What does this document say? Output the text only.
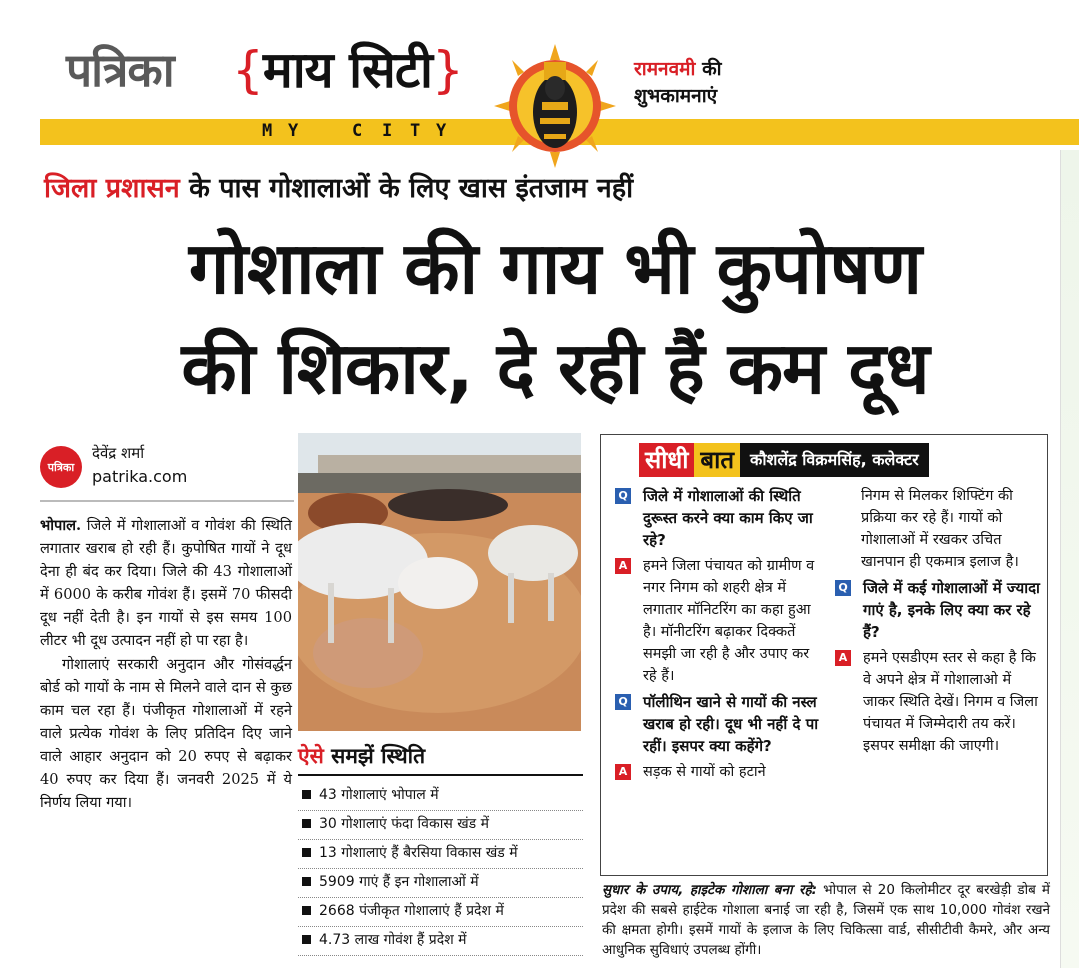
पत्रिका {माय सिटी}
M Y	C I T Y
रामनवमी की
शुभकामनाएं
जिला प्रशासन के पास गोशालाओं के लिए खास इंतजाम नहीं
गोशाला की गाय भी कुपोषण
की शिकार, दे रही हैं कम दूध
पत्रिका
देवेंद्र शर्मा
patrika.com

भोपाल. जिले में गोशालाओं व गोवंश की स्थिति लगातार खराब हो रही हैं। कुपोषित गायों ने दूध देना ही बंद कर दिया। जिले की 43 गोशालाओं में 6000 के करीब गोवंश हैं। इसमें 70 फीसदी दूध नहीं देती है। इन गायों से इस समय 100 लीटर भी दूध उत्पादन नहीं हो पा रहा है।

गोशालाएं सरकारी अनुदान और गोसंवर्द्धन बोर्ड को गायों के नाम से मिलने वाले दान से कुछ काम चल रहा हैं। पंजीकृत गोशालाओं में रहने वाले प्रत्येक गोवंश के लिए प्रतिदिन दिए जाने वाले आहार अनुदान को 20 रुपए से बढ़ाकर 40 रुपए कर दिया हैं। जनवरी 2025 में ये निर्णय लिया गया।

ऐसे समझें स्थिति
43 गोशालाएं भोपाल में
30 गोशालाएं फंदा विकास खंड में
13 गोशालाएं हैं बैरसिया विकास खंड में
5909 गाएं हैं इन गोशालाओं में
2668 पंजीकृत गोशालाएं हैं प्रदेश में
4.73 लाख गोवंश हैं प्रदेश में
सीधी बात	कौशलेंद्र विक्रमसिंह, कलेक्टर
Q जिले में गोशालाओं की स्थिति दुरूस्त करने क्या काम किए जा रहे?
A हमने जिला पंचायत को ग्रामीण व नगर निगम को शहरी क्षेत्र में लगातार मॉनिटरिंग का कहा हुआ है। मॉनीटरिंग बढ़ाकर दिक्कतें समझी जा रही है और उपाए कर रहे हैं।
Q पॉलीथिन खाने से गायों की नस्ल खराब हो रही। दूध भी नहीं दे पा रहीं। इसपर क्या कहेंगे?
A सड़क से गायों को हटाने
निगम से मिलकर शिफ्टिंग की प्रक्रिया कर रहे हैं। गायों को गोशालाओं में रखकर उचित खानपान ही एकमात्र इलाज है।
Q जिले में कई गोशालाओं में ज्यादा गाएं है, इनके लिए क्या कर रहे हैं?
A हमने एसडीएम स्तर से कहा है कि वे अपने क्षेत्र में गोशालाओ में जाकर स्थिति देखें। निगम व जिला पंचायत में जिम्मेदारी तय करें। इसपर समीक्षा की जाएगी।
सुधार के उपाय, हाइटेक गोशाला बना रहे: भोपाल से 20 किलोमीटर दूर बरखेड़ी डोब में प्रदेश की सबसे हाईटेक गोशाला बनाई जा रही है, जिसमें एक साथ 10,000 गोवंश रखने की क्षमता होगी। इसमें गायों के इलाज के लिए चिकित्सा वार्ड, सीसीटीवी कैमरे, और अन्य आधुनिक सुविधाएं उपलब्ध होंगी।
